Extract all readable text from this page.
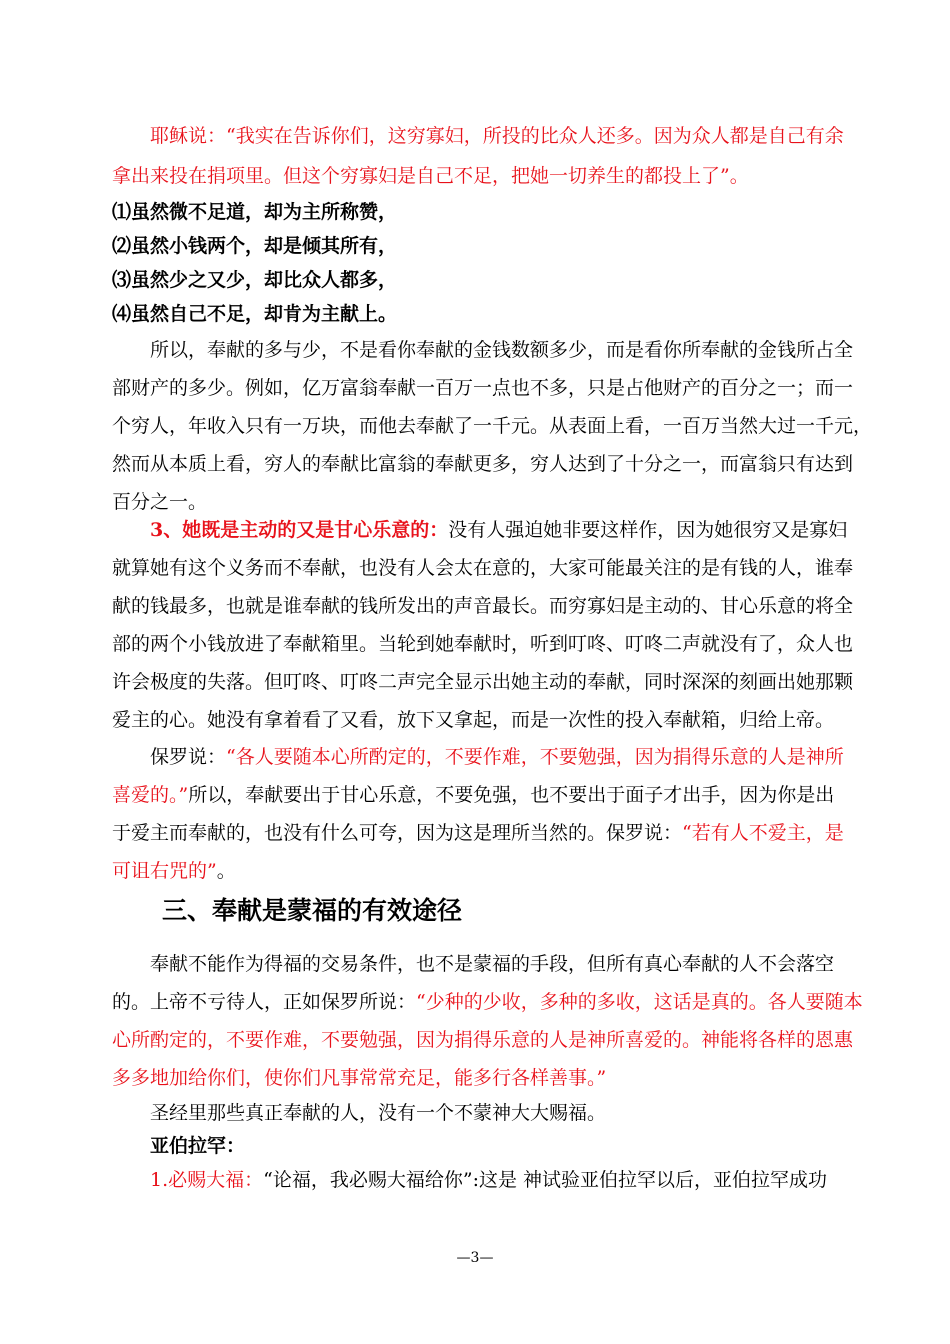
耶稣说：“我实在告诉你们，这穷寡妇，所投的比众人还多。因为众人都是自己有余
拿出来投在捐项里。但这个穷寡妇是自己不足，把她一切养生的都投上了”。
⑴虽然微不足道，却为主所称赞，
⑵虽然小钱两个，却是倾其所有，
⑶虽然少之又少，却比众人都多，
⑷虽然自己不足，却肯为主献上。
所以，奉献的多与少，不是看你奉献的金钱数额多少，而是看你所奉献的金钱所占全
部财产的多少。例如，亿万富翁奉献一百万一点也不多，只是占他财产的百分之一；而一
个穷人，年收入只有一万块，而他去奉献了一千元。从表面上看，一百万当然大过一千元，
然而从本质上看，穷人的奉献比富翁的奉献更多，穷人达到了十分之一，而富翁只有达到
百分之一。
3、她既是主动的又是甘心乐意的：没有人强迫她非要这样作，因为她很穷又是寡妇
就算她有这个义务而不奉献，也没有人会太在意的，大家可能最关注的是有钱的人，谁奉
献的钱最多，也就是谁奉献的钱所发出的声音最长。而穷寡妇是主动的、甘心乐意的将全
部的两个小钱放进了奉献箱里。当轮到她奉献时，听到叮咚、叮咚二声就没有了，众人也
许会极度的失落。但叮咚、叮咚二声完全显示出她主动的奉献，同时深深的刻画出她那颗
爱主的心。她没有拿着看了又看，放下又拿起，而是一次性的投入奉献箱，归给上帝。
保罗说：“各人要随本心所酌定的，不要作难，不要勉强，因为捐得乐意的人是神所
喜爱的。”所以，奉献要出于甘心乐意，不要免强，也不要出于面子才出手，因为你是出
于爱主而奉献的，也没有什么可夸，因为这是理所当然的。保罗说：“若有人不爱主，是
可诅右咒的”。
三、奉献是蒙福的有效途径
奉献不能作为得福的交易条件，也不是蒙福的手段，但所有真心奉献的人不会落空
的。上帝不亏待人，正如保罗所说：“少种的少收，多种的多收，这话是真的。各人要随本
心所酌定的，不要作难，不要勉强，因为捐得乐意的人是神所喜爱的。神能将各样的恩惠
多多地加给你们，使你们凡事常常充足，能多行各样善事。”
圣经里那些真正奉献的人，没有一个不蒙神大大赐福。
亚伯拉罕：
1.必赐大福：“论福，我必赐大福给你”:这是 神试验亚伯拉罕以后，亚伯拉罕成功
—3—
